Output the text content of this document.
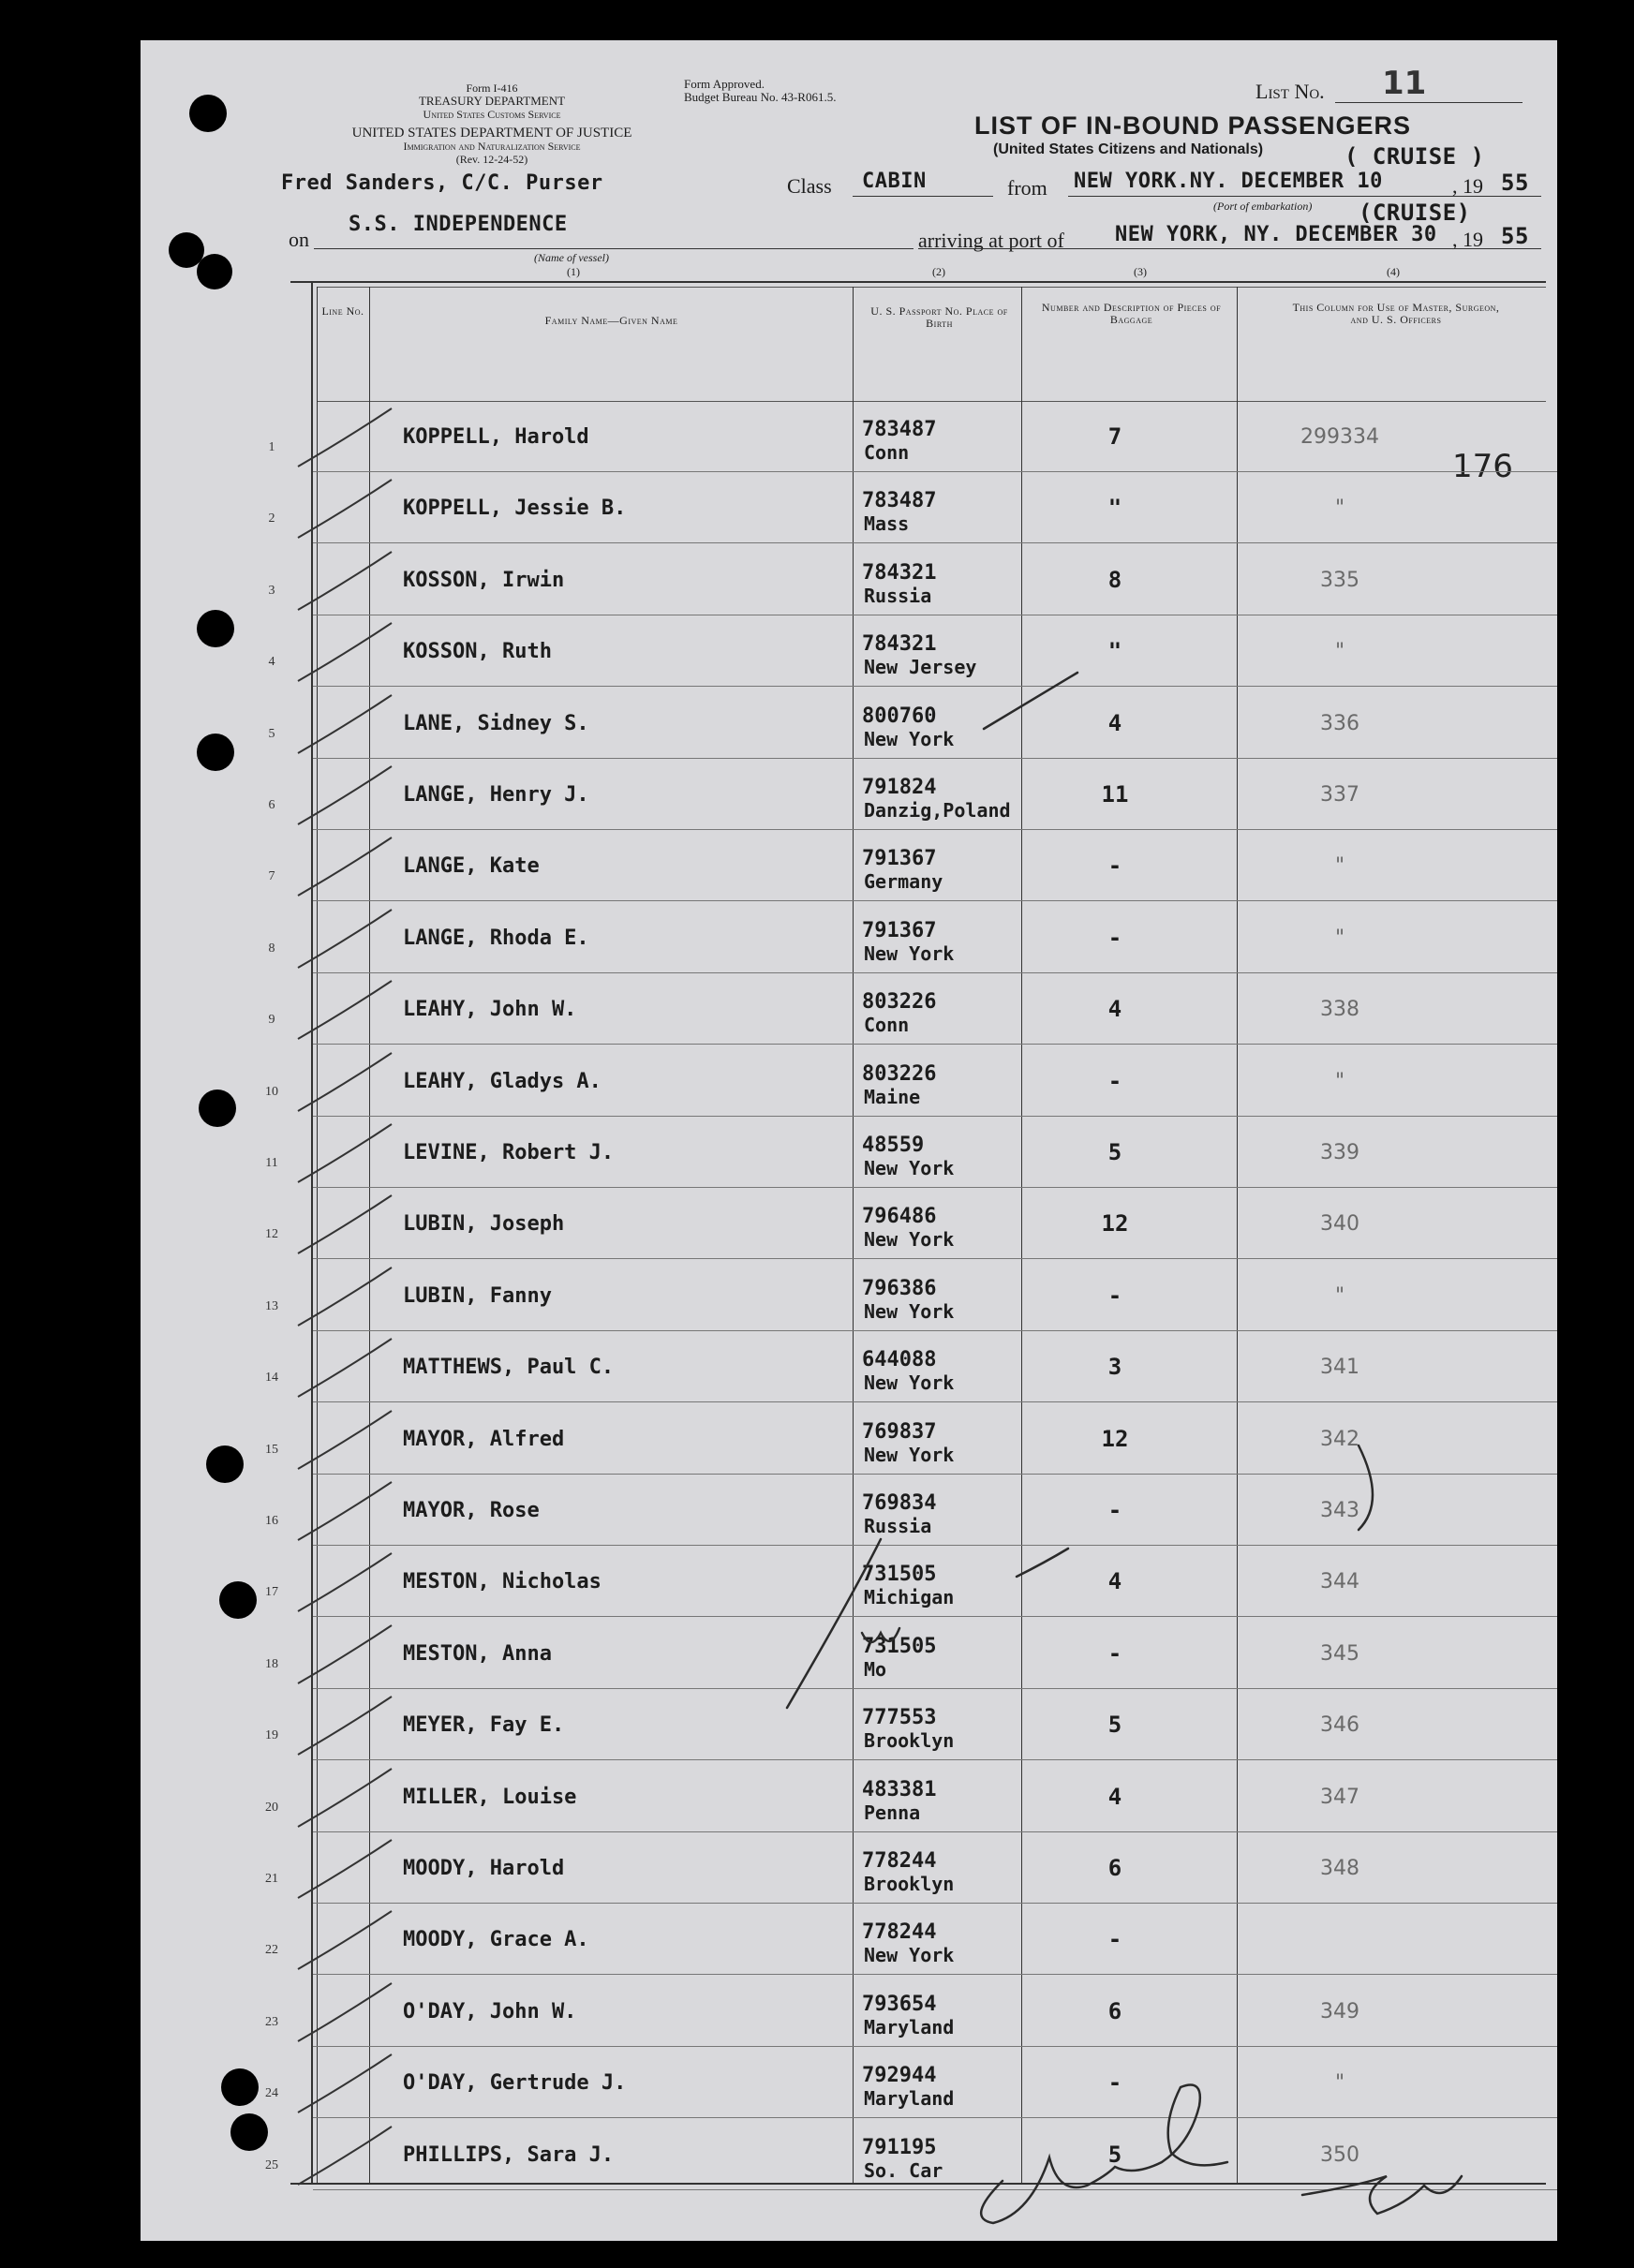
Form I-416
TREASURY DEPARTMENT
United States Customs Service
UNITED STATES DEPARTMENT OF JUSTICE
Immigration and Naturalization Service
(Rev. 12-24-52)
Form Approved.
Budget Bureau No. 43-R061.5.	List No. 11
LIST OF IN-BOUND PASSENGERS
(United States Citizens and Nationals)	( CRUISE )
Fred Sanders, C/C. Purser	Class CABIN	from NEW YORK.NY. DECEMBER 10	, 19 55
(Port of embarkation) (CRUISE)
on
S.S. INDEPENDENCE
(Name of vessel)
(1)
arriving at port of NEW YORK, NY. DECEMBER 30 , 19 55
(2)	(3)	(4)
Line No.
Family Name—Given Name
U. S. Passport No. Place of Birth
Number and Description of Pieces of Baggage
This Column for Use of Master, Surgeon, and U. S. Officers
176
1	KOPPELL, Harold	783487
Conn
7	299334
2	KOPPELL, Jessie B.	783487
Mass
"	"
3	KOSSON, Irwin	784321
Russia
8	335
4	KOSSON, Ruth	784321
New Jersey
"	"
5	LANE, Sidney S.	800760
New York
4	336
6	LANGE, Henry J.	791824
Danzig,Poland
11	337
7	LANGE, Kate	791367
Germany
-	"
8	LANGE, Rhoda E.	791367
New York
-	"
9	LEAHY, John W.	803226
Conn
4	338
10	LEAHY, Gladys A.	803226
Maine
-	"
11	LEVINE, Robert J.	48559
New York
5	339
12	LUBIN, Joseph	796486
New York
12	340
13	LUBIN, Fanny	796386
New York
-	"
14	MATTHEWS, Paul C.	644088
New York
3	341
15	MAYOR, Alfred	769837
New York
12	342
16	MAYOR, Rose	769834
Russia
-	343
17	MESTON, Nicholas	731505
Michigan
4	344
18	MESTON, Anna	731505
Mo
-	345
19	MEYER, Fay E.	777553
Brooklyn
5	346
20	MILLER, Louise	483381
Penna
4	347
21	MOODY, Harold	778244
Brooklyn
6	348
22	MOODY, Grace A.	778244
New York
-
23	O'DAY, John W.	793654
Maryland
6	349
24	O'DAY, Gertrude J.	792944
Maryland
-	"
25	PHILLIPS, Sara J.	791195
So. Car
5	350
